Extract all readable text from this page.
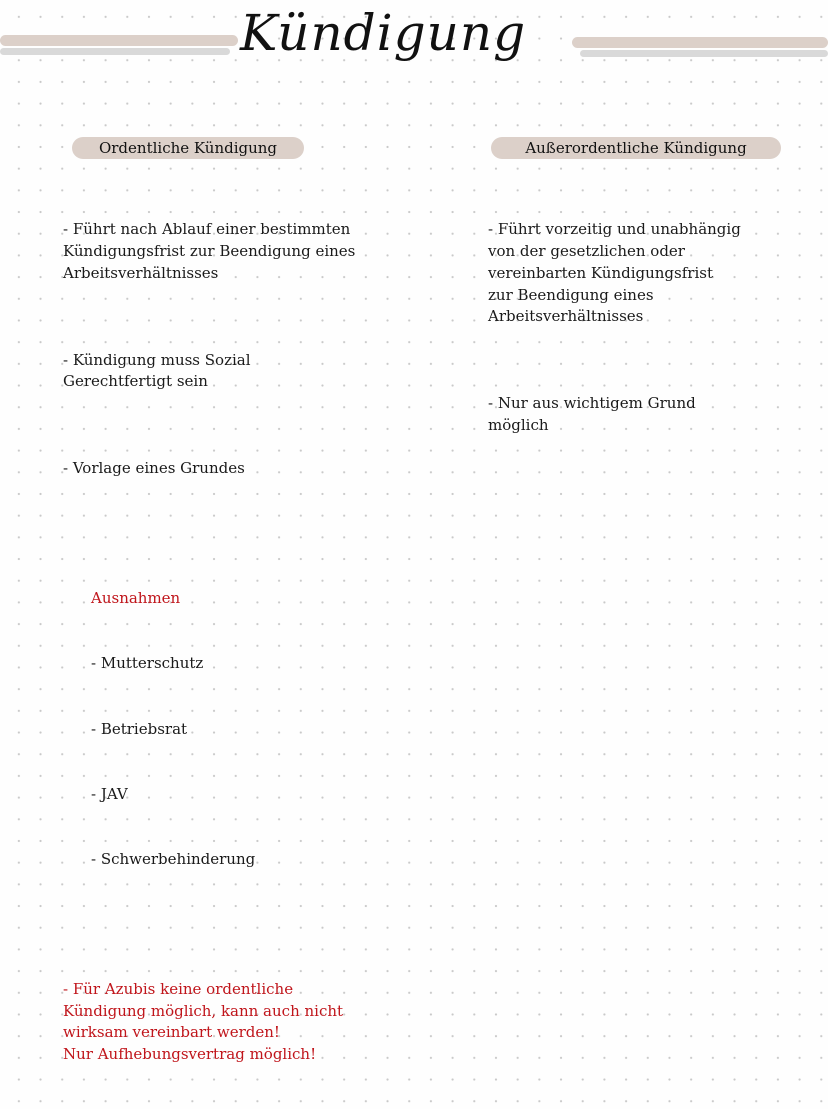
Kündigung
Ordentliche Kündigung	Außerordentliche Kündigung

- Führt nach Ablauf einer bestimmten
Kündigungsfrist zur Beendigung eines
Arbeitsverhältnisses

- Kündigung muss Sozial
Gerechtfertigt sein

- Vorlage eines Grundes

Ausnahmen

- Mutterschutz

- Betriebsrat

- JAV

- Schwerbehinderung

- Für Azubis keine ordentliche
Kündigung möglich, kann auch nicht
wirksam vereinbart werden!
Nur Aufhebungsvertrag möglich!

- Führt vorzeitig und unabhängig
von der gesetzlichen oder
vereinbarten Kündigungsfrist
zur Beendigung eines
Arbeitsverhältnisses

- Nur aus wichtigem Grund
möglich
